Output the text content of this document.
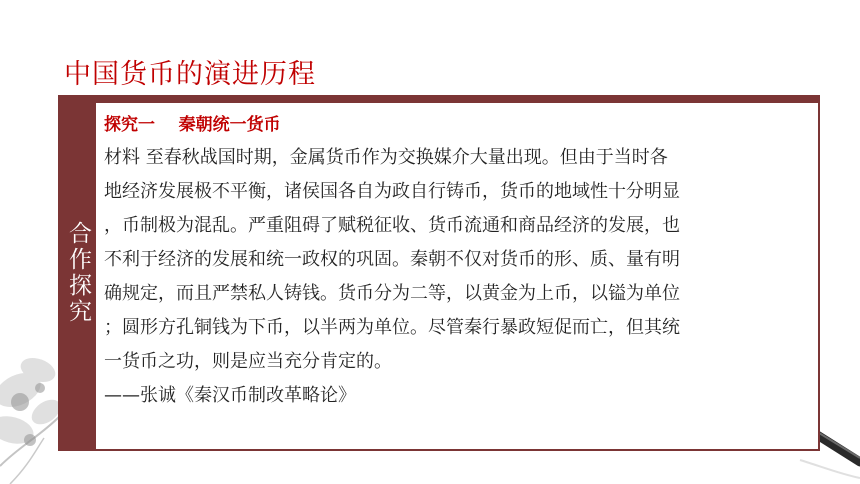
中国货币的演进历程
合作探究
探究一    秦朝统一货币
材料 至春秋战国时期，金属货币作为交换媒介大量出现。但由于当时各
地经济发展极不平衡，诸侯国各自为政自行铸币，货币的地域性十分明显
，币制极为混乱。严重阻碍了赋税征收、货币流通和商品经济的发展，也
不利于经济的发展和统一政权的巩固。秦朝不仅对货币的形、质、量有明
确规定，而且严禁私人铸钱。货币分为二等，以黄金为上币，以镒为单位
；圆形方孔铜钱为下币，以半两为单位。尽管秦行暴政短促而亡，但其统
一货币之功，则是应当充分肯定的。
——张诚《秦汉币制改革略论》
